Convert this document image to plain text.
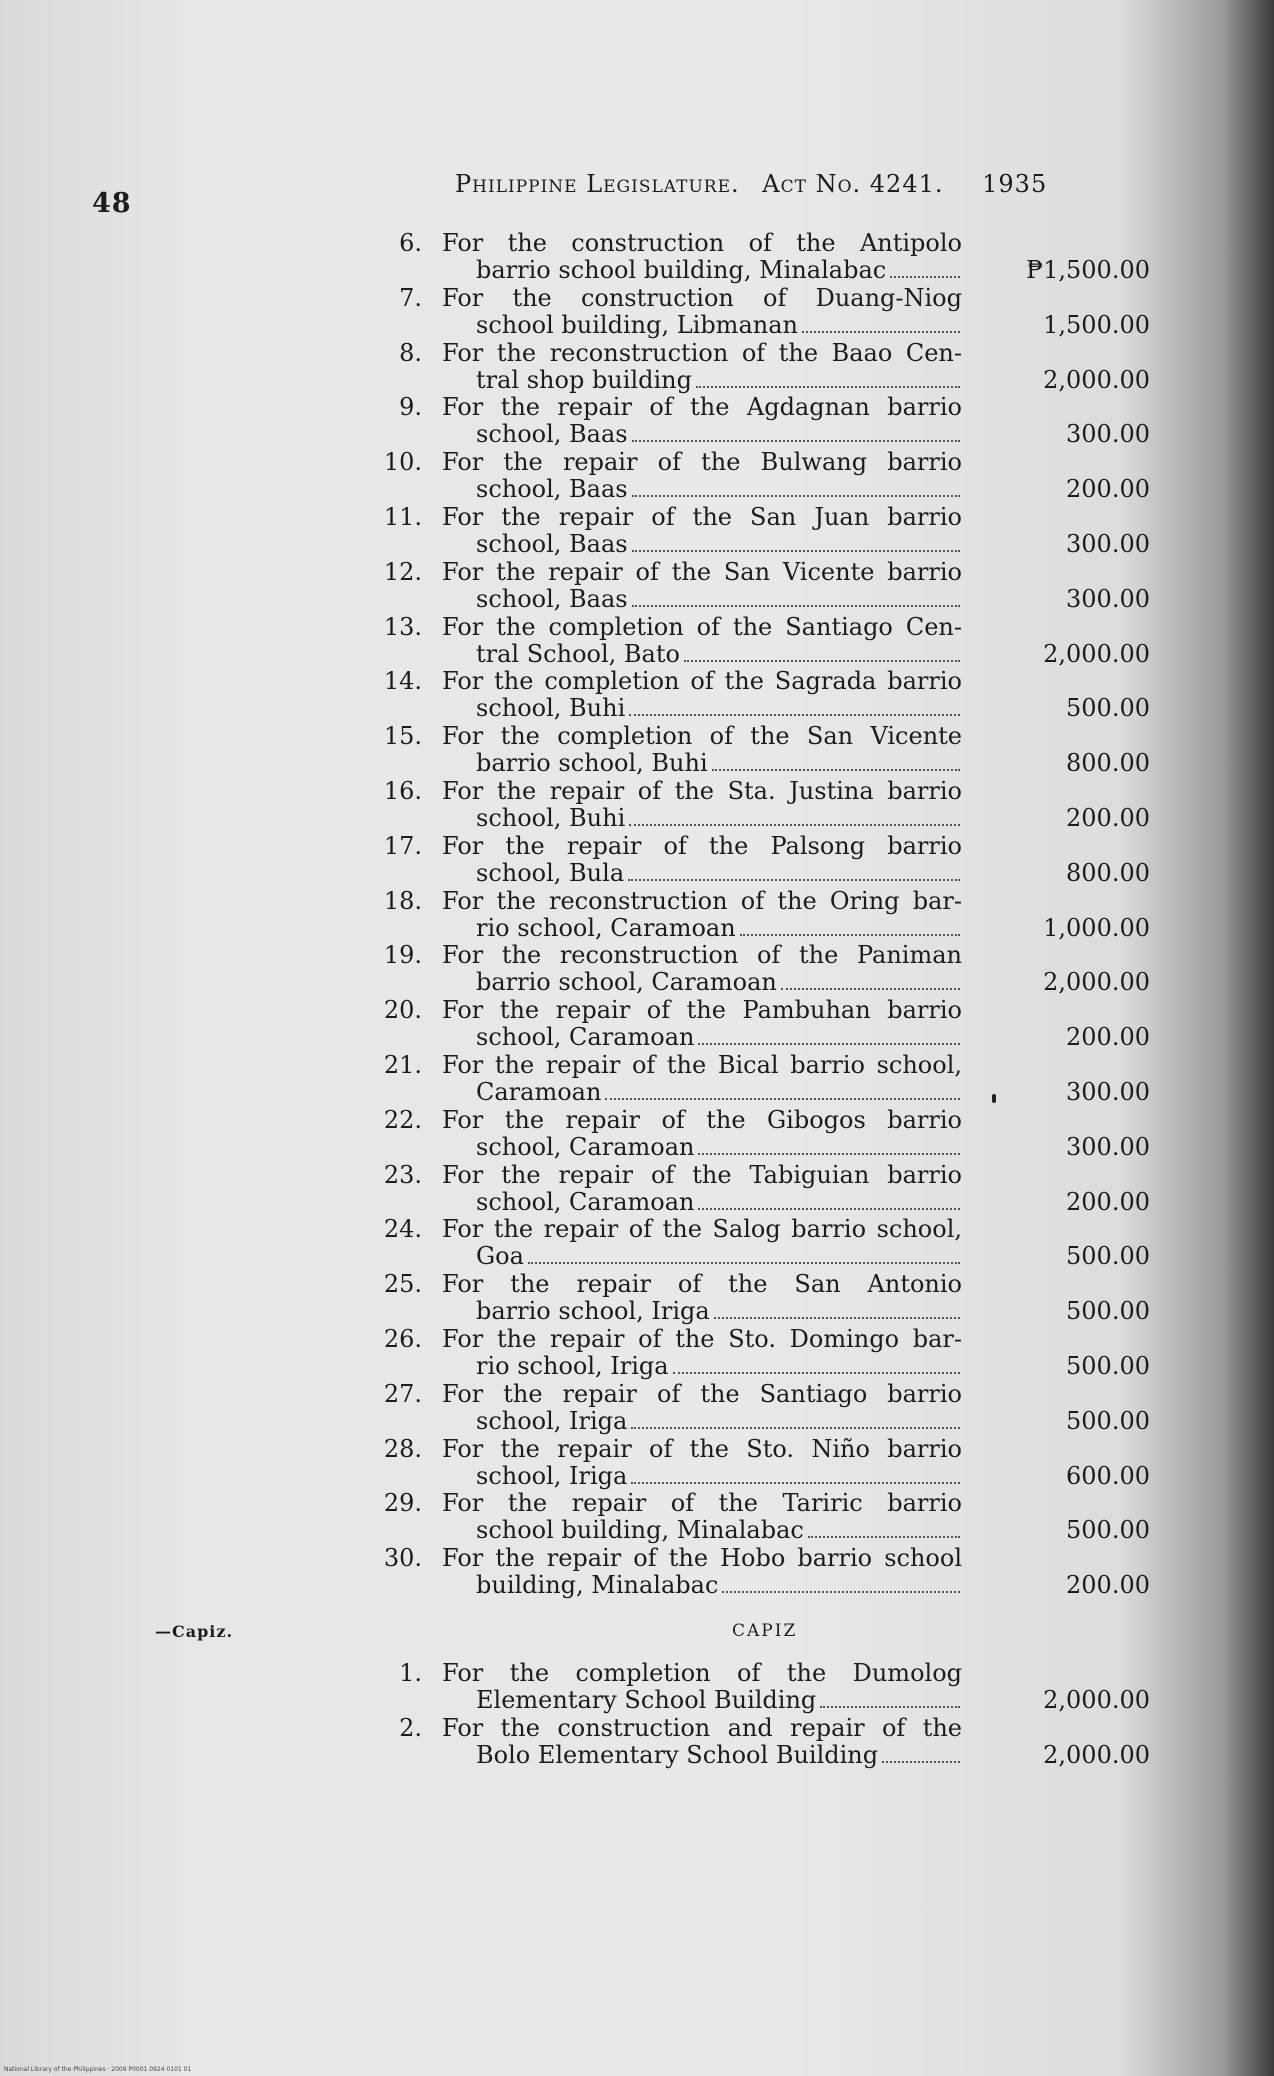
48
Philippine Legislature. Act No. 4241. 1935
6. For the construction of the Antipolo
barrio school building, Minalabac	₱1,500.00
7. For the construction of Duang-Niog
school building, Libmanan	1,500.00
8. For the reconstruction of the Baao Cen-
tral shop building	2,000.00
9. For the repair of the Agdagnan barrio
school, Baas	300.00
10. For the repair of the Bulwang barrio
school, Baas	200.00
11. For the repair of the San Juan barrio
school, Baas	300.00
12. For the repair of the San Vicente barrio
school, Baas	300.00
13. For the completion of the Santiago Cen-
tral School, Bato	2,000.00
14. For the completion of the Sagrada barrio
school, Buhi	500.00
15. For the completion of the San Vicente
barrio school, Buhi	800.00
16. For the repair of the Sta. Justina barrio
school, Buhi	200.00
17. For the repair of the Palsong barrio
school, Bula	800.00
18. For the reconstruction of the Oring bar-
rio school, Caramoan	1,000.00
19. For the reconstruction of the Paniman
barrio school, Caramoan	2,000.00
20. For the repair of the Pambuhan barrio
school, Caramoan	200.00
21. For the repair of the Bical barrio school,
Caramoan	300.00
22. For the repair of the Gibogos barrio
school, Caramoan	300.00
23. For the repair of the Tabiguian barrio
school, Caramoan	200.00
24. For the repair of the Salog barrio school,
Goa	500.00
25. For the repair of the San Antonio
barrio school, Iriga	500.00
26. For the repair of the Sto. Domingo bar-
rio school, Iriga	500.00
27. For the repair of the Santiago barrio
school, Iriga	500.00
28. For the repair of the Sto. Niño barrio
school, Iriga	600.00
29. For the repair of the Tariric barrio
school building, Minalabac	500.00
30. For the repair of the Hobo barrio school
building, Minalabac	200.00
—Capiz.	CAPIZ
1. For the completion of the Dumolog
Elementary School Building	2,000.00
2. For the construction and repair of the
Bolo Elementary School Building	2,000.00
National Library of the Philippines · 2009 P0001 0924 0101 01
